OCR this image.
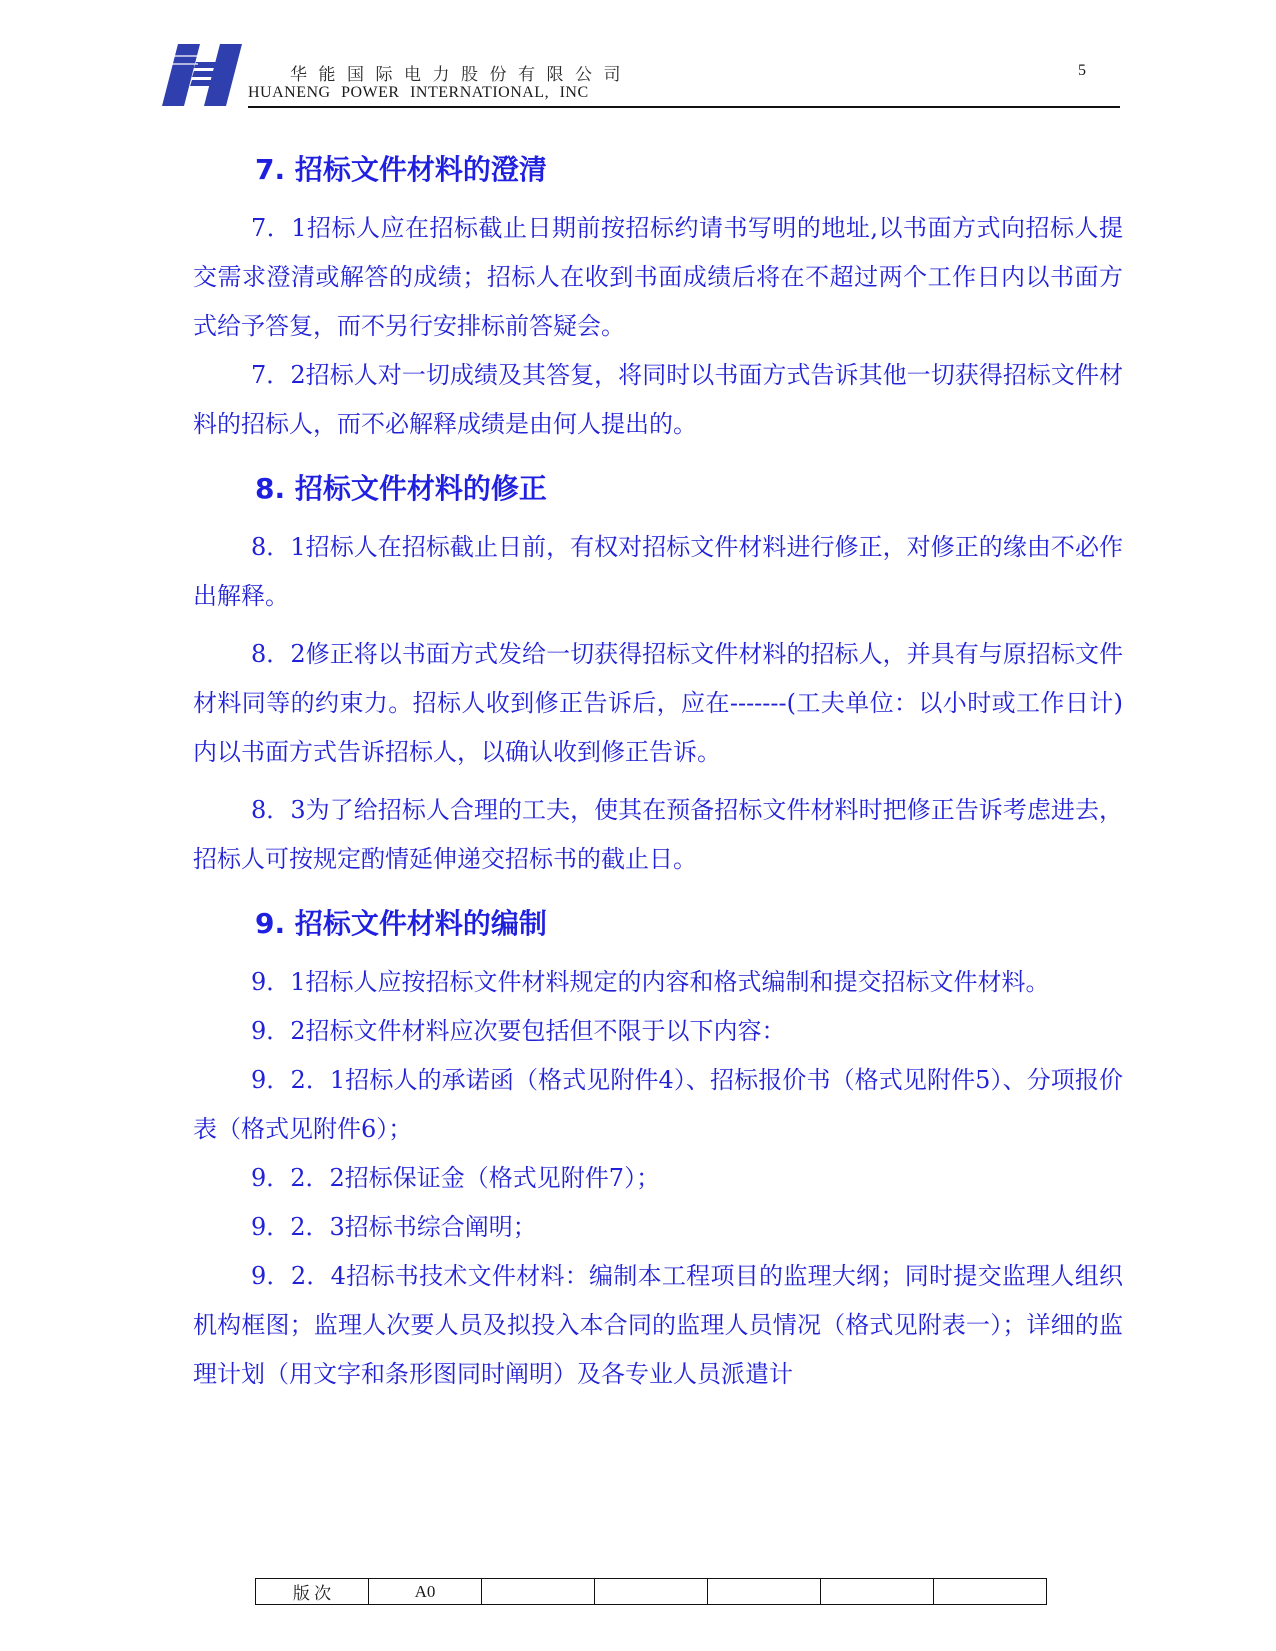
华能国际电力股份有限公司
HUANENG POWER INTERNATIONAL, INC
5
7. 招标文件材料的澄清

7．1招标人应在招标截止日期前按招标约请书写明的地址,以书面方式向招标人提交需求澄清或解答的成绩；招标人在收到书面成绩后将在不超过两个工作日内以书面方式给予答复，而不另行安排标前答疑会。

7．2招标人对一切成绩及其答复，将同时以书面方式告诉其他一切获得招标文件材料的招标人，而不必解释成绩是由何人提出的。

8. 招标文件材料的修正

8．1招标人在招标截止日前，有权对招标文件材料进行修正，对修正的缘由不必作出解释。

8．2修正将以书面方式发给一切获得招标文件材料的招标人，并具有与原招标文件材料同等的约束力。招标人收到修正告诉后，应在-------(工夫单位：以小时或工作日计)内以书面方式告诉招标人，以确认收到修正告诉。

8．3为了给招标人合理的工夫，使其在预备招标文件材料时把修正告诉考虑进去，招标人可按规定酌情延伸递交招标书的截止日。

9. 招标文件材料的编制

9．1招标人应按招标文件材料规定的内容和格式编制和提交招标文件材料。

9．2招标文件材料应次要包括但不限于以下内容：

9．2．1招标人的承诺函（格式见附件4）、招标报价书（格式见附件5）、分项报价表（格式见附件6）；

9．2．2招标保证金（格式见附件7）；

9．2．3招标书综合阐明；

9．2．4招标书技术文件材料：编制本工程项目的监理大纲；同时提交监理人组织机构框图；监理人次要人员及拟投入本合同的监理人员情况（格式见附表一）；详细的监理计划（用文字和条形图同时阐明）及各专业人员派遣计

版 次	A0					
